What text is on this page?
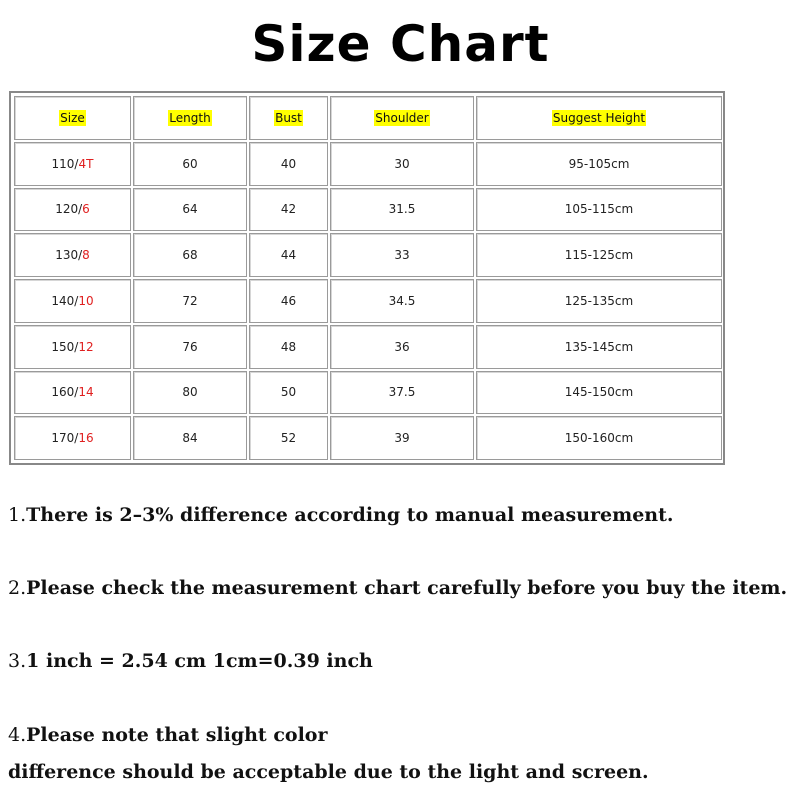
Size Chart
Size	Length	Bust	Shoulder	Suggest Height
110/4T	60	40	30	95-105cm
120/6	64	42	31.5	105-115cm
130/8	68	44	33	115-125cm
140/10	72	46	34.5	125-135cm
150/12	76	48	36	135-145cm
160/14	80	50	37.5	145-150cm
170/16	84	52	39	150-160cm
1.There is 2–3% difference according to manual measurement.
2.Please check the measurement chart carefully before you buy the item.
3.1 inch = 2.54 cm 1cm=0.39 inch
4.Please note that slight color
difference should be acceptable due to the light and screen.
